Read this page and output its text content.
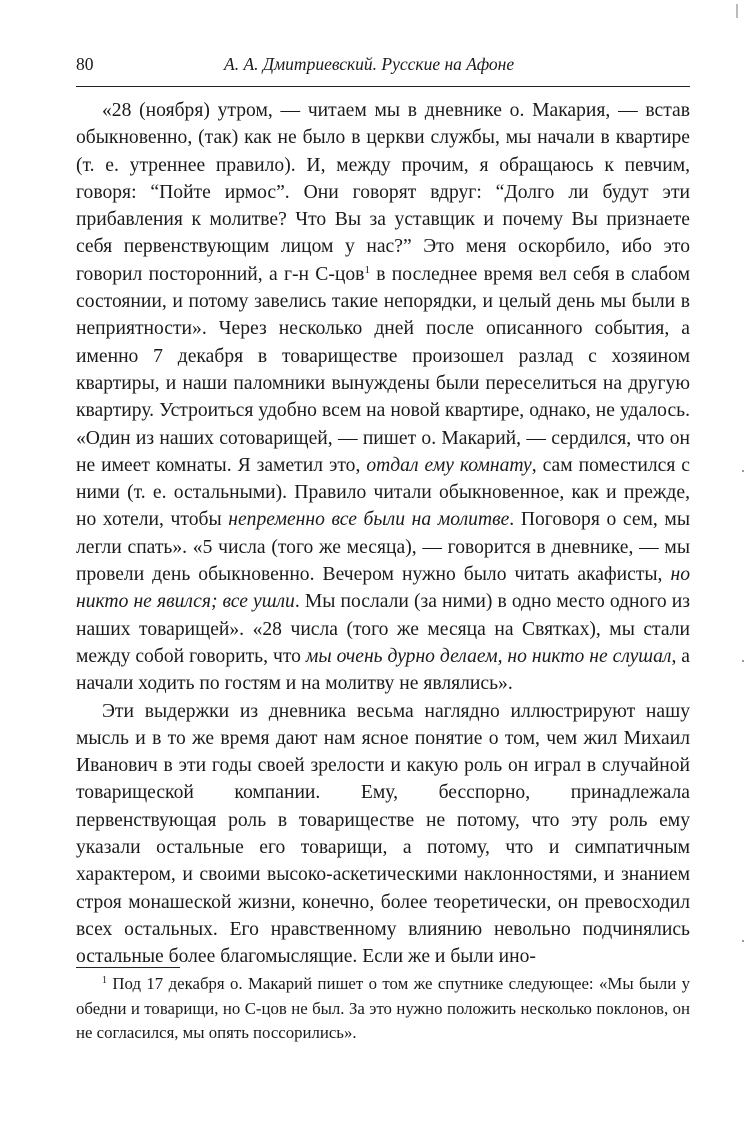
80	А. А. Дмитриевский. Русские на Афоне

«28 (ноября) утром, — читаем мы в дневнике о. Макария, — встав обыкновенно, (так) как не было в церкви службы, мы начали в квартире (т. е. утреннее правило). И, между прочим, я обращаюсь к певчим, говоря: “Пойте ирмос”. Они говорят вдруг: “Долго ли будут эти прибавления к молитве? Что Вы за уставщик и почему Вы признаете себя первенствующим лицом у нас?” Это меня оскорбило, ибо это говорил посторонний, а г-н С-цов$^1$ в последнее время вел себя в слабом состоянии, и потому завелись такие непорядки, и целый день мы были в неприятности». Через несколько дней после описанного события, а именно 7 декабря в товариществе произошел разлад с хозяином квартиры, и наши паломники вынуждены были переселиться на другую квартиру. Устроиться удобно всем на новой квартире, однако, не удалось. «Один из наших сотоварищей, — пишет о. Макарий, — сердился, что он не имеет комнаты. Я заметил это, отдал ему комнату, сам поместился с ними (т. е. остальными). Правило читали обыкновенное, как и прежде, но хотели, чтобы непременно все были на молитве. Поговоря о сем, мы легли спать». «5 числа (того же месяца), — говорится в дневнике, — мы провели день обыкновенно. Вечером нужно было читать акафисты, но никто не явился; все ушли. Мы послали (за ними) в одно место одного из наших товарищей». «28 числа (того же месяца на Святках), мы стали между собой говорить, что мы очень дурно делаем, но никто не слушал, а начали ходить по гостям и на молитву не являлись».

Эти выдержки из дневника весьма наглядно иллюстрируют нашу мысль и в то же время дают нам ясное понятие о том, чем жил Михаил Иванович в эти годы своей зрелости и какую роль он играл в случайной товарищеской компании. Ему, бесспорно, принадлежала первенствующая роль в товариществе не потому, что эту роль ему указали остальные его товарищи, а потому, что и симпатичным характером, и своими высоко-аскетическими наклонностями, и знанием строя монашеской жизни, конечно, более теоретически, он превосходил всех остальных. Его нравственному влиянию невольно подчинялись остальные более благомыслящие. Если же и были ино-

$^1$ Под 17 декабря о. Макарий пишет о том же спутнике следующее: «Мы были у обедни и товарищи, но С-цов не был. За это нужно положить несколько поклонов, он не согласился, мы опять поссорились».
